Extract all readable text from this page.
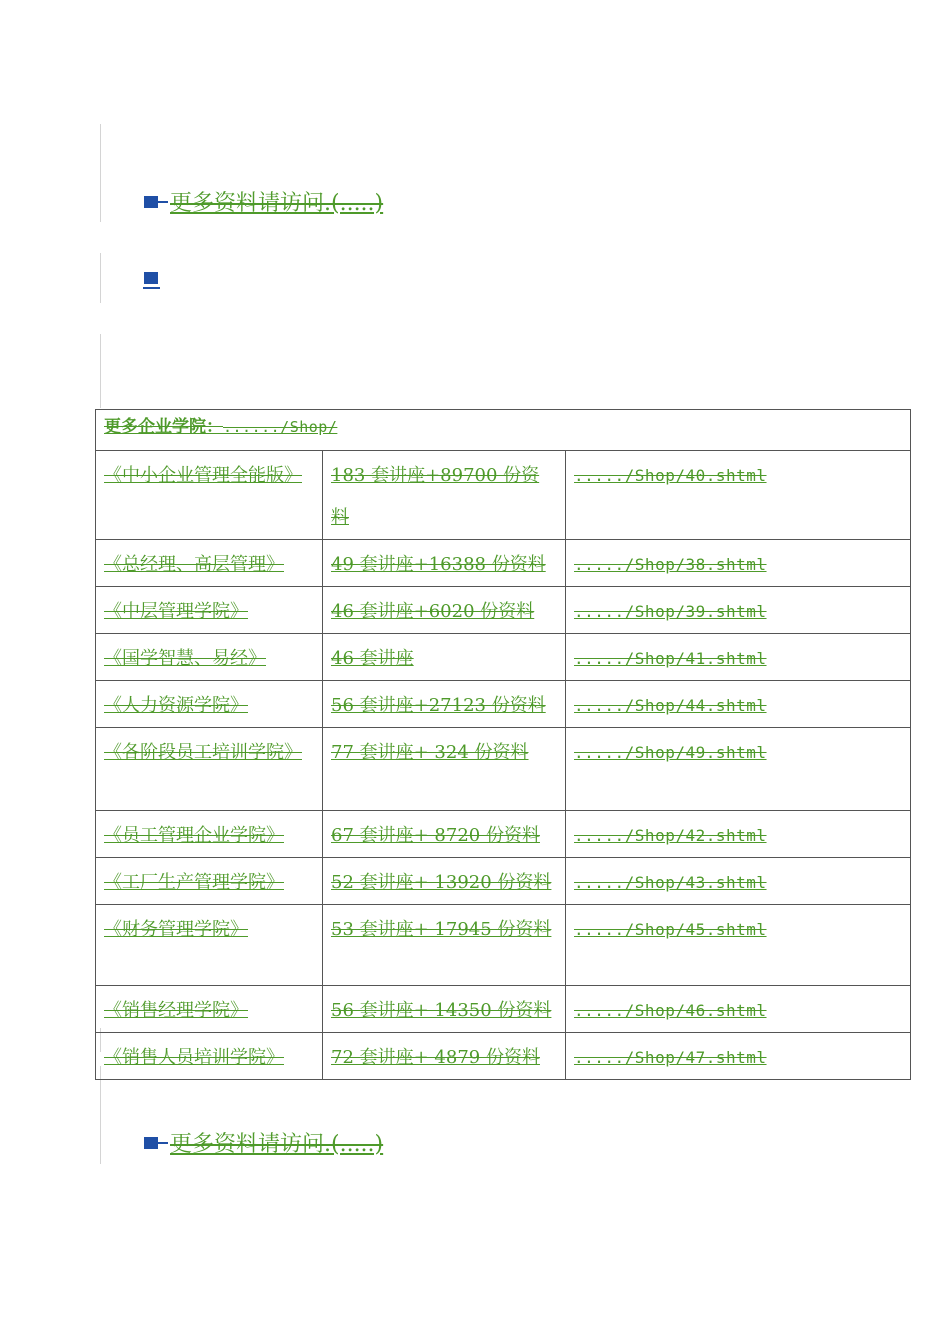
更多资料请访问.(.....)
更多企业学院：....../Shop/		
《中小企业管理全能版》	183 套讲座+89700 份资料	...../Shop/40.shtml
《总经理、高层管理》	49 套讲座+16388 份资料	...../Shop/38.shtml
《中层管理学院》	46 套讲座+6020 份资料	...../Shop/39.shtml
《国学智慧、易经》	46 套讲座	...../Shop/41.shtml
《人力资源学院》	56 套讲座+27123 份资料	...../Shop/44.shtml
《各阶段员工培训学院》	77 套讲座+ 324 份资料	...../Shop/49.shtml
《员工管理企业学院》	67 套讲座+ 8720 份资料	...../Shop/42.shtml
《工厂生产管理学院》	52 套讲座+ 13920 份资料	...../Shop/43.shtml
《财务管理学院》	53 套讲座+ 17945 份资料	...../Shop/45.shtml
《销售经理学院》	56 套讲座+ 14350 份资料	...../Shop/46.shtml
《销售人员培训学院》	72 套讲座+ 4879 份资料	...../Shop/47.shtml
更多资料请访问.(.....)
